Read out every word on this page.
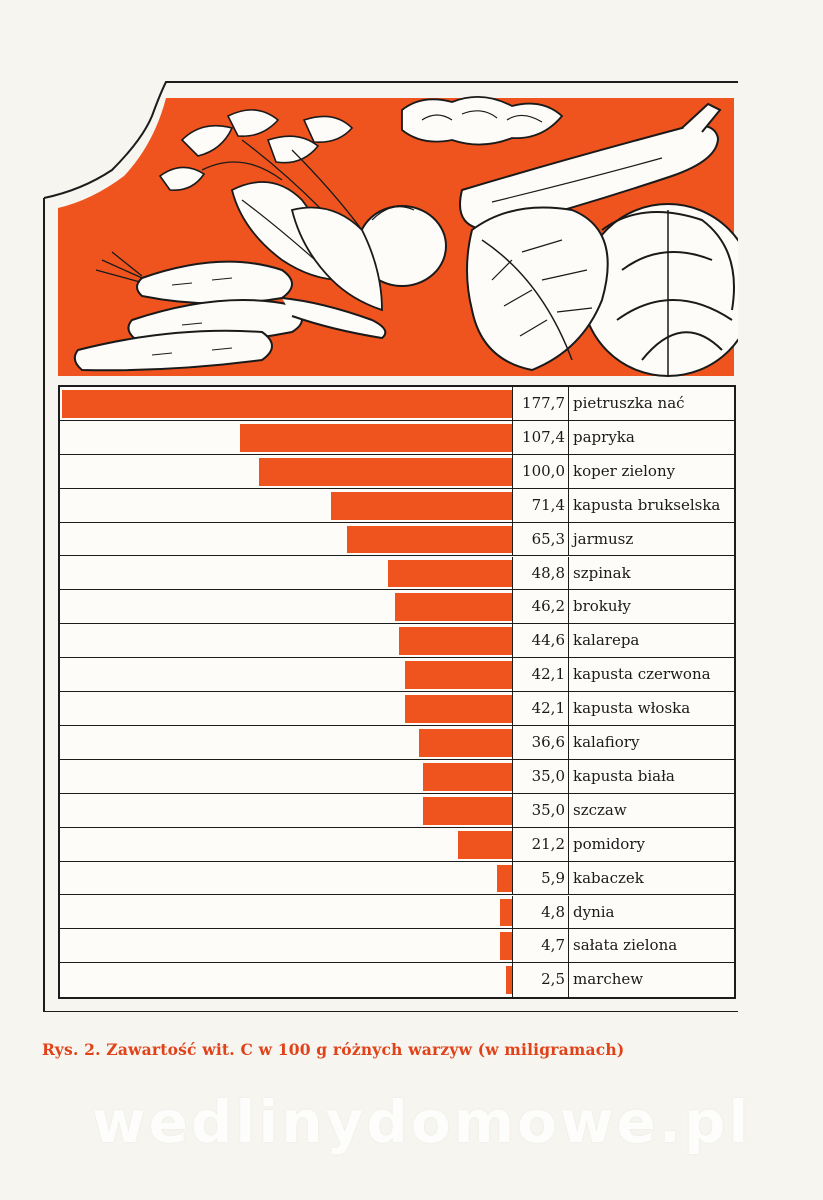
177,7 pietruszka nać
107,4 papryka
100,0 koper zielony
71,4 kapusta brukselska
65,3 jarmusz
48,8 szpinak
46,2 brokuły
44,6 kalarepa
42,1 kapusta czerwona
42,1 kapusta włoska
36,6 kalafiory
35,0 kapusta biała
35,0 szczaw
21,2 pomidory
5,9 kabaczek
4,8 dynia
4,7 sałata zielona
2,5 marchew
Rys. 2. Zawartość wit. C w 100 g różnych warzyw (w miligramach)
wedlinydomowe.pl
